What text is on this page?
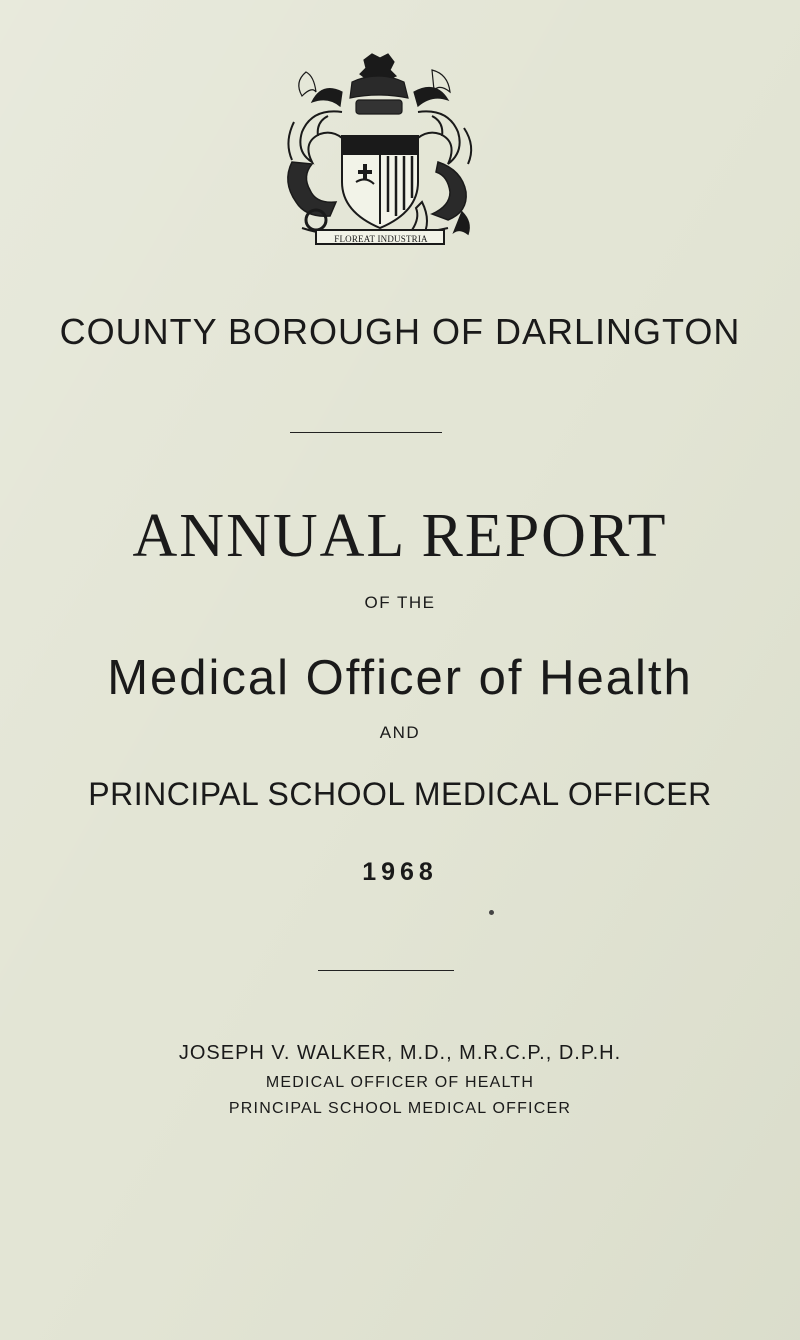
FLOREAT INDUSTRIA
COUNTY BOROUGH OF DARLINGTON
ANNUAL REPORT
OF THE
Medical Officer of Health
AND
PRINCIPAL SCHOOL MEDICAL OFFICER
1968
JOSEPH V. WALKER, M.D., M.R.C.P., D.P.H.
MEDICAL OFFICER OF HEALTH
PRINCIPAL SCHOOL MEDICAL OFFICER
